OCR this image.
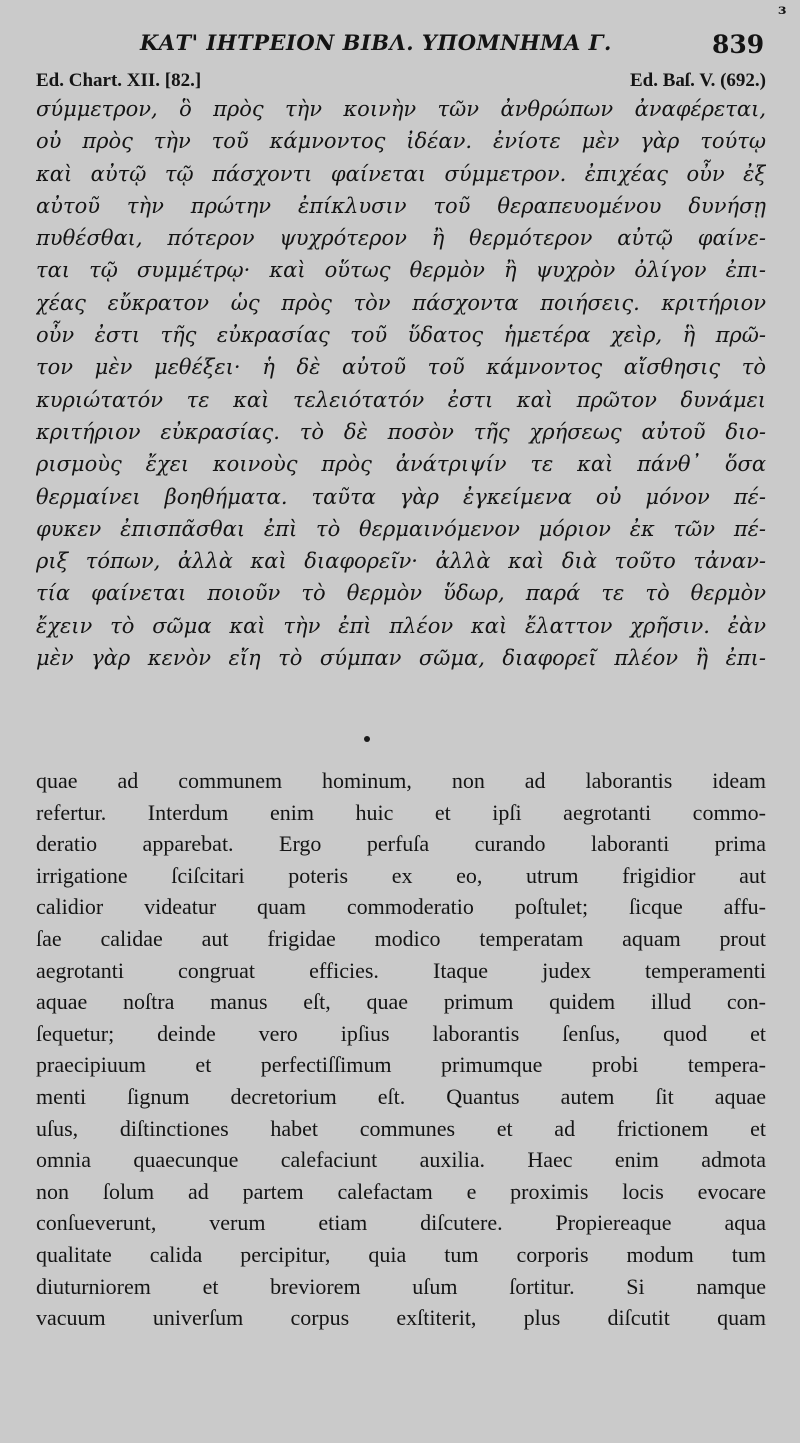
ɜ
ΚΑΤ' ΙΗΤΡΕΙΟΝ ΒΙΒΛ. ΥΠΟΜΝΗΜΑ Γ.	839
Ed. Chart. XII. [82.]	Ed. Baſ. V. (692.)
σύμμετρον, ὃ πρὸς τὴν κοινὴν τῶν ἀνθρώπων ἀναφέρεται,
οὐ πρὸς τὴν τοῦ κάμνοντος ἰδέαν. ἐνίοτε μὲν γὰρ τούτῳ
καὶ αὐτῷ τῷ πάσχοντι φαίνεται σύμμετρον. ἐπιχέας οὖν ἐξ
αὐτοῦ τὴν πρώτην ἐπίκλυσιν τοῦ θεραπευομένου δυνήσῃ
πυθέσθαι, πότερον ψυχρότερον ἢ θερμότερον αὐτῷ φαίνε-
ται τῷ συμμέτρῳ· καὶ οὕτως θερμὸν ἢ ψυχρὸν ὀλίγον ἐπι-
χέας εὔκρατον ὡς πρὸς τὸν πάσχοντα ποιήσεις. κριτήριον
οὖν ἐστι τῆς εὐκρασίας τοῦ ὕδατος ἡμετέρα χεὶρ, ἣ πρῶ-
τον μὲν μεθέξει· ἡ δὲ αὐτοῦ τοῦ κάμνοντος αἴσθησις τὸ
κυριώτατόν τε καὶ τελειότατόν ἐστι καὶ πρῶτον δυνάμει
κριτήριον εὐκρασίας. τὸ δὲ ποσὸν τῆς χρήσεως αὐτοῦ διο-
ρισμοὺς ἔχει κοινοὺς πρὸς ἀνάτριψίν τε καὶ πάνθ᾽ ὅσα
θερμαίνει βοηθήματα. ταῦτα γὰρ ἐγκείμενα οὐ μόνον πέ-
φυκεν ἐπισπᾶσθαι ἐπὶ τὸ θερμαινόμενον μόριον ἐκ τῶν πέ-
ριξ τόπων, ἀλλὰ καὶ διαφορεῖν· ἀλλὰ καὶ διὰ τοῦτο τἀναν-
τία φαίνεται ποιοῦν τὸ θερμὸν ὕδωρ, παρά τε τὸ θερμὸν
ἔχειν τὸ σῶμα καὶ τὴν ἐπὶ πλέον καὶ ἔλαττον χρῆσιν. ἐὰν
μὲν γὰρ κενὸν εἴη τὸ σύμπαν σῶμα, διαφορεῖ πλέον ἢ ἐπι-
quae ad communem hominum, non ad laborantis ideam
refertur. Interdum enim huic et ipſi aegrotanti commo-
deratio apparebat. Ergo perfuſa curando laboranti prima
irrigatione ſciſcitari poteris ex eo, utrum frigidior aut
calidior videatur quam commoderatio poſtulet; ſicque affu-
ſae calidae aut frigidae modico temperatam aquam prout
aegrotanti congruat efficies. Itaque judex temperamenti
aquae noſtra manus eſt, quae primum quidem illud con-
ſequetur; deinde vero ipſius laborantis ſenſus, quod et
praecipiuum et perfectiſſimum primumque probi tempera-
menti ſignum decretorium eſt. Quantus autem ſit aquae
uſus, diſtinctiones habet communes et ad frictionem et
omnia quaecunque calefaciunt auxilia. Haec enim admota
non ſolum ad partem calefactam e proximis locis evocare
conſueverunt, verum etiam diſcutere. Propiereaque aqua
qualitate calida percipitur, quia tum corporis modum tum
diuturniorem et breviorem uſum ſortitur. Si namque
vacuum univerſum corpus exſtiterit, plus diſcutit quam
